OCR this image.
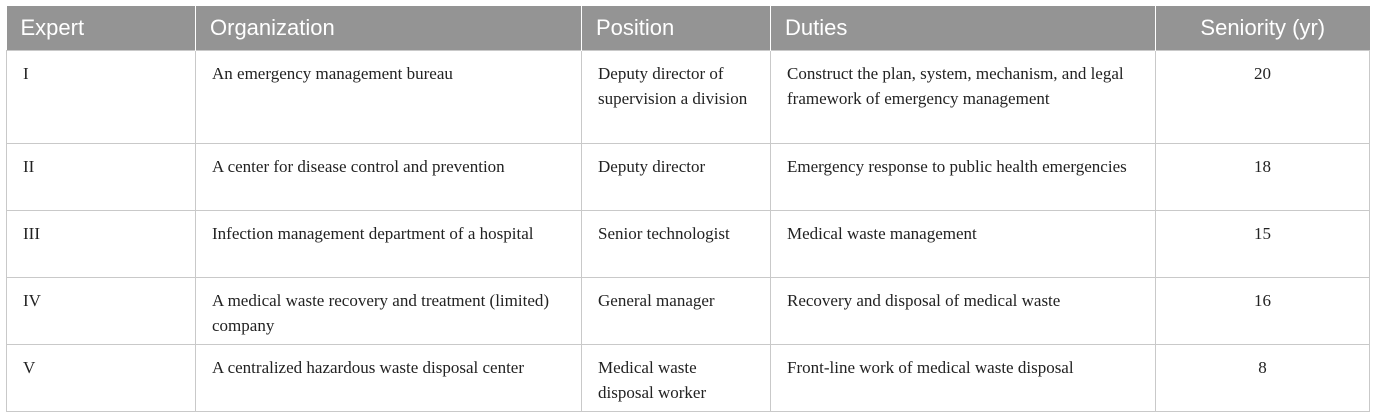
Expert	Organization	Position	Duties	Seniority (yr)
I	An emergency management bureau	Deputy director of supervision a division	Construct the plan, system, mechanism, and legal framework of emergency management	20
II	A center for disease control and prevention	Deputy director	Emergency response to public health emergencies	18
III	Infection management department of a hospital	Senior technologist	Medical waste management	15
IV	A medical waste recovery and treatment (limited) company	General manager	Recovery and disposal of medical waste	16
V	A centralized hazardous waste disposal center	Medical waste disposal worker	Front-line work of medical waste disposal	8
